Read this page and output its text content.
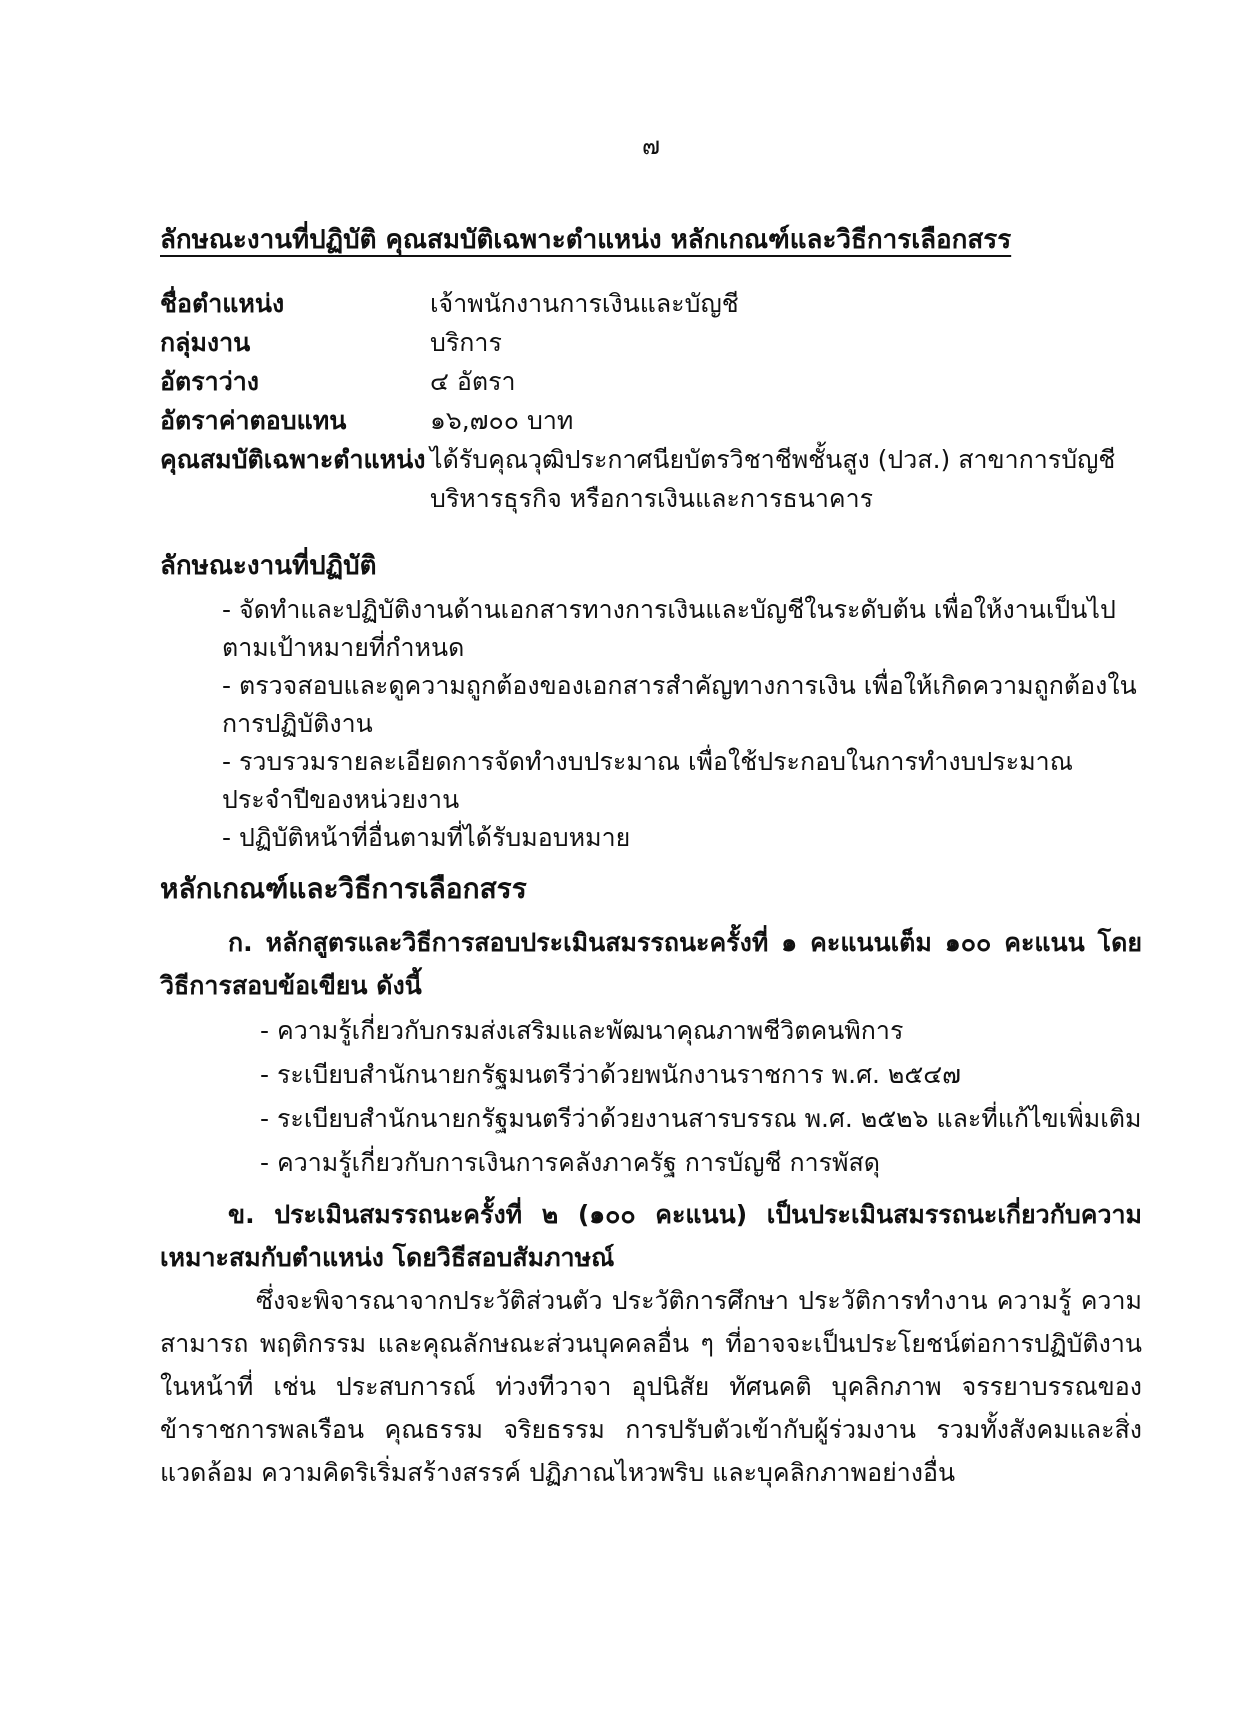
๗
ลักษณะงานที่ปฏิบัติ คุณสมบัติเฉพาะตำแหน่ง หลักเกณฑ์และวิธีการเลือกสรร
ชื่อตำแหน่ง	เจ้าพนักงานการเงินและบัญชี
กลุ่มงาน	บริการ
อัตราว่าง	๔ อัตรา
อัตราค่าตอบแทน	๑๖,๗๐๐ บาท
คุณสมบัติเฉพาะตำแหน่ง ได้รับคุณวุฒิประกาศนียบัตรวิชาชีพชั้นสูง (ปวส.) สาขาการบัญชี บริหารธุรกิจ หรือการเงินและการธนาคาร
ลักษณะงานที่ปฏิบัติ
- จัดทำและปฏิบัติงานด้านเอกสารทางการเงินและบัญชีในระดับต้น เพื่อให้งานเป็นไปตามเป้าหมายที่กำหนด
- ตรวจสอบและดูความถูกต้องของเอกสารสำคัญทางการเงิน เพื่อให้เกิดความถูกต้องในการปฏิบัติงาน
- รวบรวมรายละเอียดการจัดทำงบประมาณ เพื่อใช้ประกอบในการทำงบประมาณประจำปีของหน่วยงาน
- ปฏิบัติหน้าที่อื่นตามที่ได้รับมอบหมาย
หลักเกณฑ์และวิธีการเลือกสรร

ก. หลักสูตรและวิธีการสอบประเมินสมรรถนะครั้งที่ ๑ คะแนนเต็ม ๑๐๐ คะแนน โดยวิธีการสอบข้อเขียน ดังนี้

- ความรู้เกี่ยวกับกรมส่งเสริมและพัฒนาคุณภาพชีวิตคนพิการ
- ระเบียบสำนักนายกรัฐมนตรีว่าด้วยพนักงานราชการ พ.ศ. ๒๕๔๗
- ระเบียบสำนักนายกรัฐมนตรีว่าด้วยงานสารบรรณ พ.ศ. ๒๕๒๖ และที่แก้ไขเพิ่มเติม
- ความรู้เกี่ยวกับการเงินการคลังภาครัฐ การบัญชี การพัสดุ

ข. ประเมินสมรรถนะครั้งที่ ๒ (๑๐๐ คะแนน) เป็นประเมินสมรรถนะเกี่ยวกับความเหมาะสมกับตำแหน่ง โดยวิธีสอบสัมภาษณ์

ซึ่งจะพิจารณาจากประวัติส่วนตัว ประวัติการศึกษา ประวัติการทำงาน ความรู้ ความสามารถ พฤติกรรม และคุณลักษณะส่วนบุคคลอื่น ๆ ที่อาจจะเป็นประโยชน์ต่อการปฏิบัติงานในหน้าที่ เช่น ประสบการณ์ ท่วงทีวาจา อุปนิสัย ทัศนคติ บุคลิกภาพ จรรยาบรรณของข้าราชการพลเรือน คุณธรรม จริยธรรม การปรับตัวเข้ากับผู้ร่วมงาน รวมทั้งสังคมและสิ่งแวดล้อม ความคิดริเริ่มสร้างสรรค์ ปฏิภาณไหวพริบ และบุคลิกภาพอย่างอื่น
